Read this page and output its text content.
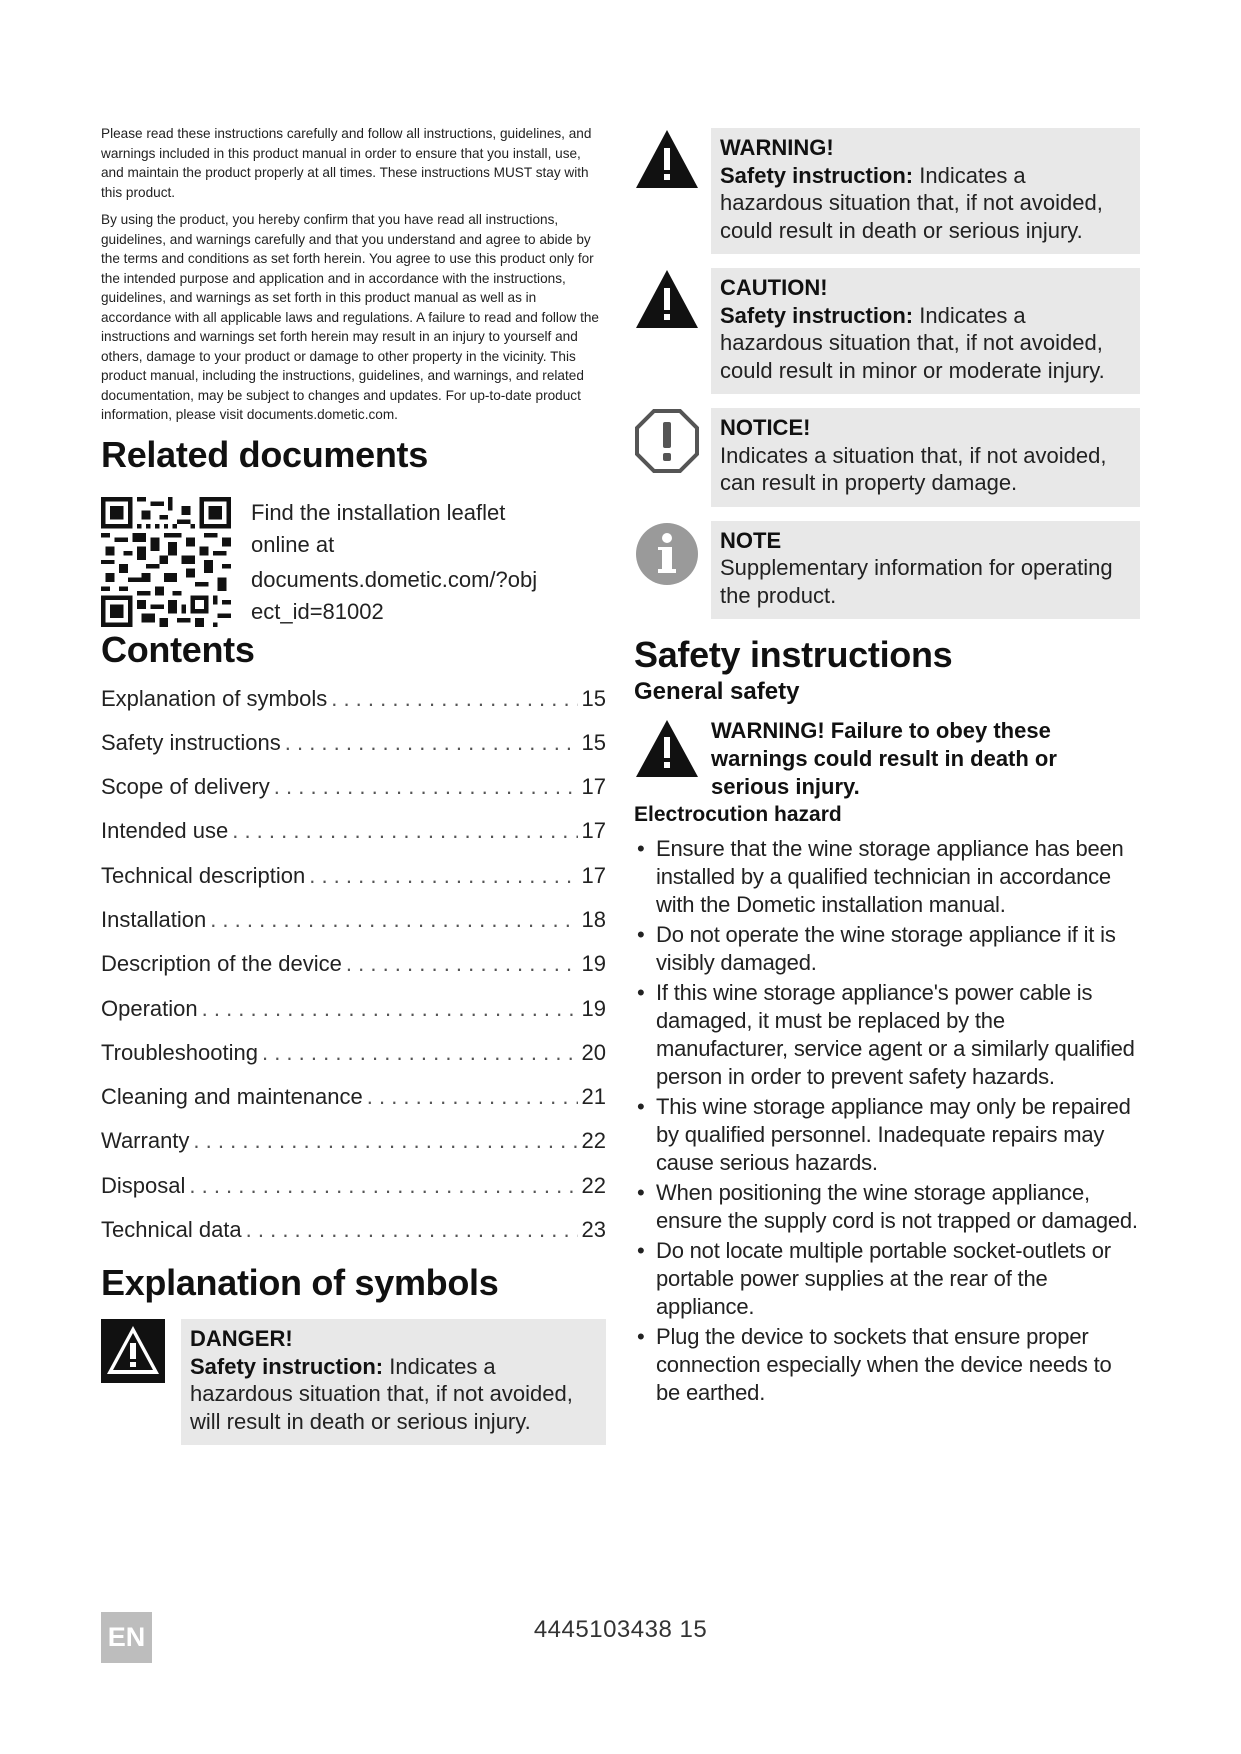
Please read these instructions carefully and follow all instructions, guidelines, and warnings included in this product manual in order to ensure that you install, use, and maintain the product properly at all times. These instructions MUST stay with this product.

By using the product, you hereby confirm that you have read all instructions, guidelines, and warnings carefully and that you understand and agree to abide by the terms and conditions as set forth herein. You agree to use this product only for the intended purpose and application and in accordance with the instructions, guidelines, and warnings as set forth in this product manual as well as in accordance with all applicable laws and regulations. A failure to read and follow the instructions and warnings set forth herein may result in an injury to yourself and others, damage to your product or damage to other property in the vicinity. This product manual, including the instructions, guidelines, and warnings, and related documentation, may be subject to changes and updates. For up-to-date product information, please visit documents.dometic.com.

Related documents
Find the installation leaflet online at
documents.dometic.com/?object_id=81002
Contents
Explanation of symbols . . .	15
Safety instructions . . .	15
Scope of delivery . . .	17
Intended use . . .	17
Technical description . . .	17
Installation . . .	18
Description of the device . . .	19
Operation . . .	19
Troubleshooting . . .	20
Cleaning and maintenance . . .	21
Warranty . . .	22
Disposal . . .	22
Technical data . . .	23
Explanation of symbols
DANGER!
Safety instruction: Indicates a hazardous situation that, if not avoided, will result in death or serious injury.
WARNING!
Safety instruction: Indicates a hazardous situation that, if not avoided, could result in death or serious injury.
CAUTION!
Safety instruction: Indicates a hazardous situation that, if not avoided, could result in minor or moderate injury.
NOTICE!
Indicates a situation that, if not avoided, can result in property damage.
NOTE
Supplementary information for operating the product.
Safety instructions
General safety
WARNING! Failure to obey these warnings could result in death or serious injury.
Electrocution hazard
• Ensure that the wine storage appliance has been installed by a qualified technician in accordance with the Dometic installation manual.
• Do not operate the wine storage appliance if it is visibly damaged.
• If this wine storage appliance's power cable is damaged, it must be replaced by the manufacturer, service agent or a similarly qualified person in order to prevent safety hazards.
• This wine storage appliance may only be repaired by qualified personnel. Inadequate repairs may cause serious hazards.
• When positioning the wine storage appliance, ensure the supply cord is not trapped or damaged.
• Do not locate multiple portable socket-outlets or portable power supplies at the rear of the appliance.
• Plug the device to sockets that ensure proper connection especially when the device needs to be earthed.
EN	4445103438 15
